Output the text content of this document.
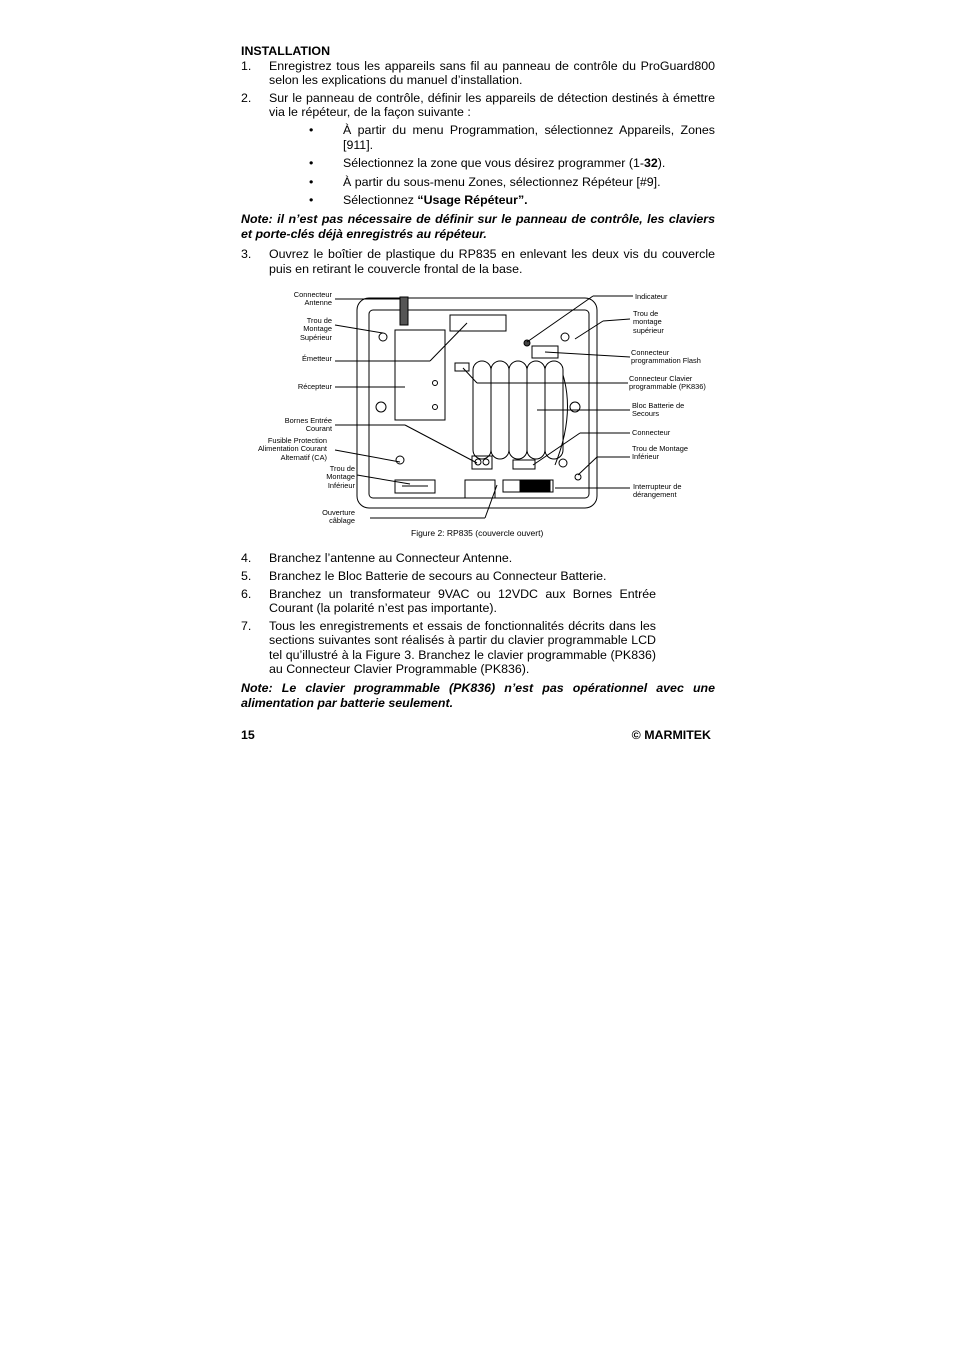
INSTALLATION
1. Enregistrez tous les appareils sans fil au panneau de contrôle du ProGuard800 selon les explications du manuel d’installation.
2. Sur le panneau de contrôle, définir les appareils de détection destinés à émettre via le répéteur, de la façon suivante :
• À partir du menu Programmation, sélectionnez Appareils, Zones [911].
• Sélectionnez la zone que vous désirez programmer (1-32).
• À partir du sous-menu Zones, sélectionnez Répéteur [#9].
• Sélectionnez “Usage Répéteur”.
Note: il n’est pas nécessaire de définir sur le panneau de contrôle, les claviers et porte-clés déjà enregistrés au répéteur.
3. Ouvrez le boîtier de plastique du RP835 en enlevant les deux vis du couvercle puis en retirant le couvercle frontal de la base.
4. Branchez l’antenne au Connecteur Antenne.
5. Branchez le Bloc Batterie de secours au Connecteur Batterie.
6. Branchez un transformateur 9VAC ou 12VDC aux Bornes Entrée Courant (la polarité n’est pas importante).
7. Tous les enregistrements et essais de fonctionnalités décrits dans les sections suivantes sont réalisés à partir du clavier programmable LCD tel qu’illustré à la Figure 3. Branchez le clavier programmable (PK836) au Connecteur Clavier Programmable (PK836).
Note: Le clavier programmable (PK836) n’est pas opérationnel avec une alimentation par batterie seulement.
Connecteur Antenne
Trou de Montage Supérieur
Émetteur
Récepteur
Bornes Entrée Courant
Fusible Protection Alimentation Courant Alternatif (CA)
Trou de Montage Inférieur
Ouverture câblage
Indicateur
Trou de montage supérieur
Connecteur programmation Flash
Connecteur Clavier programmable (PK836)
Bloc Batterie de Secours
Connecteur
Trou de Montage Inférieur
Interrupteur de dérangement
Figure 2: RP835 (couvercle ouvert)
15	© MARMITEK
